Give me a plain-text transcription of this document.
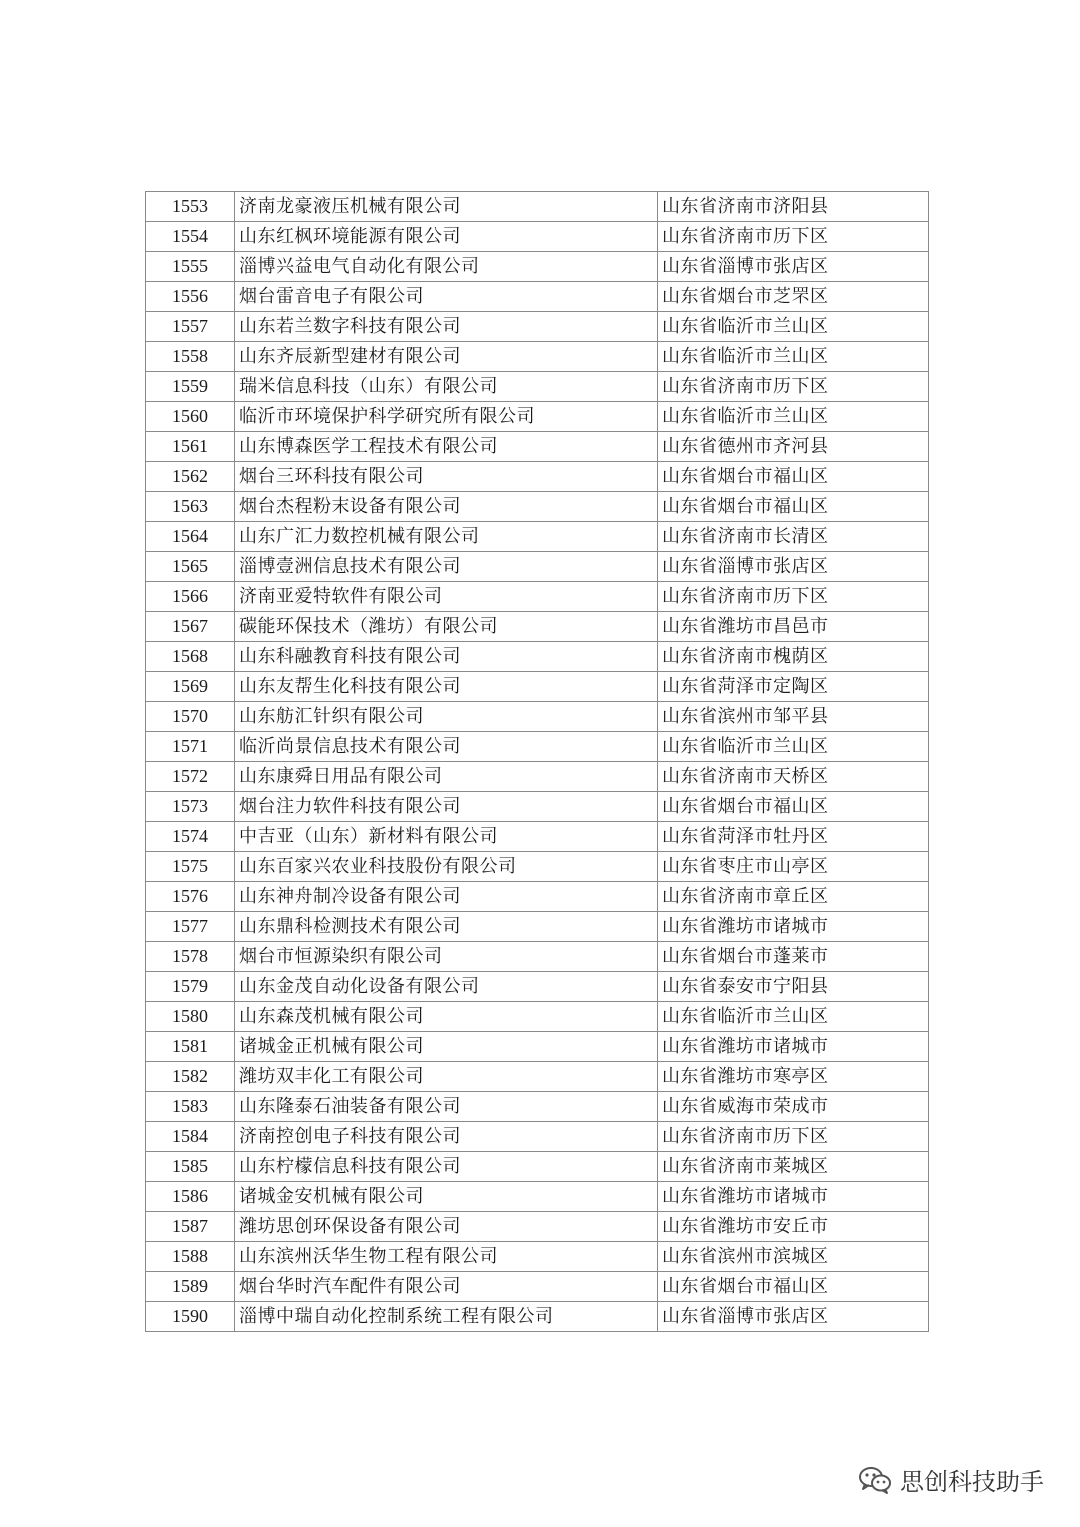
1553	济南龙豪液压机械有限公司	山东省济南市济阳县
1554	山东红枫环境能源有限公司	山东省济南市历下区
1555	淄博兴益电气自动化有限公司	山东省淄博市张店区
1556	烟台雷音电子有限公司	山东省烟台市芝罘区
1557	山东若兰数字科技有限公司	山东省临沂市兰山区
1558	山东齐辰新型建材有限公司	山东省临沂市兰山区
1559	瑞米信息科技（山东）有限公司	山东省济南市历下区
1560	临沂市环境保护科学研究所有限公司	山东省临沂市兰山区
1561	山东博森医学工程技术有限公司	山东省德州市齐河县
1562	烟台三环科技有限公司	山东省烟台市福山区
1563	烟台杰程粉末设备有限公司	山东省烟台市福山区
1564	山东广汇力数控机械有限公司	山东省济南市长清区
1565	淄博壹洲信息技术有限公司	山东省淄博市张店区
1566	济南亚爱特软件有限公司	山东省济南市历下区
1567	碳能环保技术（潍坊）有限公司	山东省潍坊市昌邑市
1568	山东科融教育科技有限公司	山东省济南市槐荫区
1569	山东友帮生化科技有限公司	山东省菏泽市定陶区
1570	山东舫汇针织有限公司	山东省滨州市邹平县
1571	临沂尚景信息技术有限公司	山东省临沂市兰山区
1572	山东康舜日用品有限公司	山东省济南市天桥区
1573	烟台注力软件科技有限公司	山东省烟台市福山区
1574	中吉亚（山东）新材料有限公司	山东省菏泽市牡丹区
1575	山东百家兴农业科技股份有限公司	山东省枣庄市山亭区
1576	山东神舟制冷设备有限公司	山东省济南市章丘区
1577	山东鼎科检测技术有限公司	山东省潍坊市诸城市
1578	烟台市恒源染织有限公司	山东省烟台市蓬莱市
1579	山东金茂自动化设备有限公司	山东省泰安市宁阳县
1580	山东森茂机械有限公司	山东省临沂市兰山区
1581	诸城金正机械有限公司	山东省潍坊市诸城市
1582	潍坊双丰化工有限公司	山东省潍坊市寒亭区
1583	山东隆泰石油装备有限公司	山东省威海市荣成市
1584	济南控创电子科技有限公司	山东省济南市历下区
1585	山东柠檬信息科技有限公司	山东省济南市莱城区
1586	诸城金安机械有限公司	山东省潍坊市诸城市
1587	潍坊思创环保设备有限公司	山东省潍坊市安丘市
1588	山东滨州沃华生物工程有限公司	山东省滨州市滨城区
1589	烟台华时汽车配件有限公司	山东省烟台市福山区
1590	淄博中瑞自动化控制系统工程有限公司	山东省淄博市张店区
思创科技助手
